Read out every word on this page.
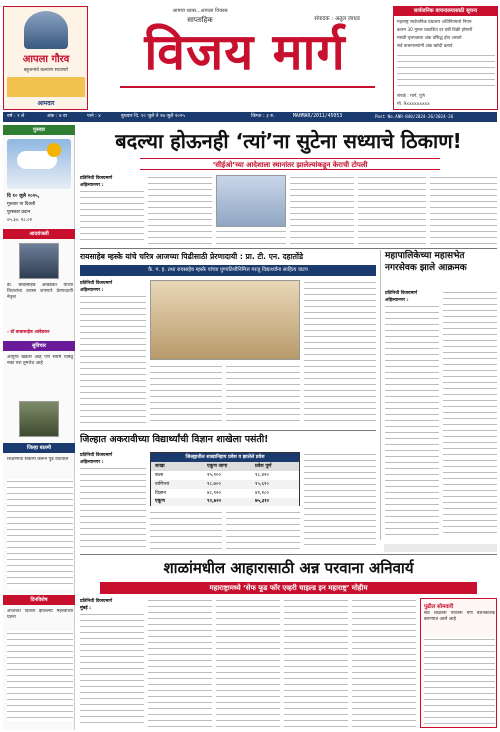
आपला गौरव
बहुजनांचे कल्याण साधणारे
आमदार
आमचा ध्यास...आपला विकास
साप्ताहिक	संपादक : अतुल जाधव
विजय मार्ग
सार्वजनिक वाचनालयासाठी सूचना
महाराष्ट्र सार्वजनिक ग्रंथालय अधिनियमाचे नियम
कलम 30 नुसार प्रकाशित दर वर्षी विक्री होणारी
मराठी वृत्तपत्राचा अंक प्रसिद्ध होत असतो
सर्व वाचनालयांनी अंक खरेदी करावे
संपर्क : मार्ग, पुणे
मो. 9xxxxxxxxx
वर्ष : १ ले	अंक : ७ वा	पाने : ४	बुधवार दि. १० जुलै ते १७ जुलै २०२५	किंमत : ३ रु.	MAHMAR/2011/45053	Post No.ANR-040/2024-26/2024-26
गुरुवार
दि १० जुलै २०२५,
गुरुवार या दिवशी
पुरस्कार प्रदान
०५.३०. १८.०१
आदरांजली
डॉ. बाबासाहेब आंबेडकर यांच्या विचारांचा वारसा जपणारे प्रेरणादायी नेतृत्व
- डॉ बाबासाहेब आंबेडकर
सुविचार
आयुष्य खडतर आहे पण संघर्ष थांबवू नका यश तुमचेच आहे
जिल्हा बातमी
शिक्षणाचा संकल्प करून पुढे वाटचाल
दिनविशेष
आजच्या दिवशी झालेल्या महत्त्वाच्या घटना
बदल्या होऊनही ‘त्यां’ना सुटेना सध्याचे ठिकाण!
‘सीईओ’च्या आदेशाला स्थानांतर झालेल्यांकडून केराची टोपली
प्रतिनिधी विजयमार्ग
अहिल्यानगर :
रायसाहेब म्हस्के यांचे चरित्र आजच्या पिढीसाठी प्रेरणादायी : प्रा. टी. एन. दहातोंडे
कै. ग. ह. तथा रायसाहेब म्हस्के यांच्या पुण्यतिथीनिमित्त गरजू विद्यार्थ्यांना साहित्य वाटप
प्रतिनिधी विजयमार्ग
अहिल्यानगर :
महापालिकेच्या महासभेत नगरसेवक झाले आक्रमक
प्रतिनिधी विजयमार्ग
अहिल्यानगर :
जिल्हात अकरावीच्या विद्यार्थ्यांची विज्ञान शाखेला पसंती!
प्रतिनिधी विजयमार्ग
अहिल्यानगर :
जिल्ह्यातील शाखानिहाय प्रवेश व झालेले प्रवेश
शाखा	एकूण जागा	प्रवेश पूर्ण
कला	२५,१००	१८,४२०
वाणिज्य	१८,७००	१५,६१०
विज्ञान	४८,९२०	४१,२८०
एकूण	९२,७२०	७५,३१०
शाळांमधील आहारासाठी अन्न परवाना अनिवार्य
महाराष्ट्रामध्ये ‘सेफ फूड फॉर एव्हरी चाइल्ड इन महाराष्ट्र’ मोहीम
प्रतिनिधी विजयमार्ग
मुंबई :	पुढील सोमवारी
सर्व शाळांनी परवाना घेणे बंधनकारक करण्यात आले आहे
